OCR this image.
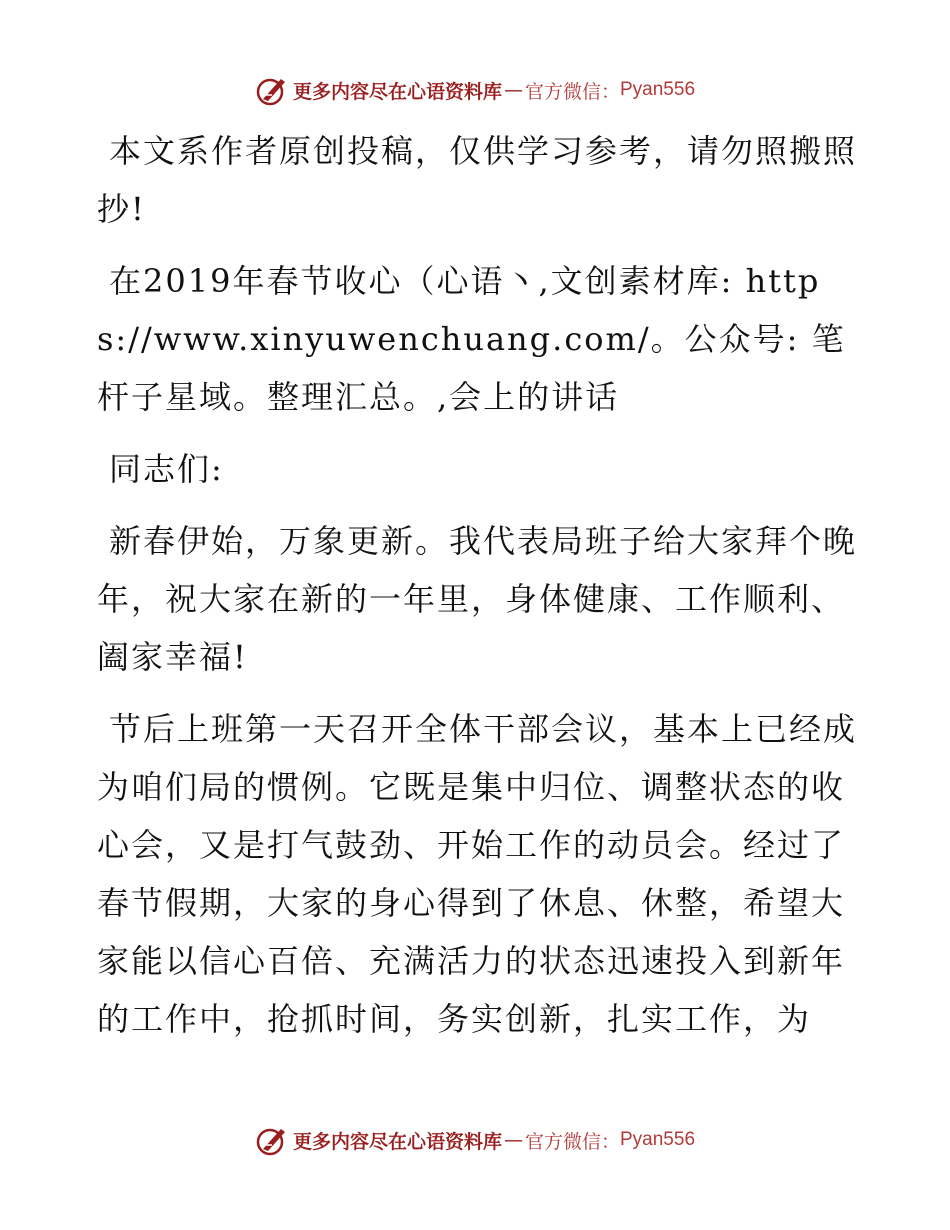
更多内容尽在心语资料库 — 官方微信： Pyan556

本文系作者原创投稿，仅供学习参考，请勿照搬照抄!

在2019年春节收心（心语丶,文创素材库: https://www.xinyuwenchuang.com/。公众号: 笔杆子星域。整理汇总。,会上的讲话

同志们:

新春伊始，万象更新。我代表局班子给大家拜个晚年，祝大家在新的一年里，身体健康、工作顺利、阖家幸福!

节后上班第一天召开全体干部会议，基本上已经成为咱们局的惯例。它既是集中归位、调整状态的收心会，又是打气鼓劲、开始工作的动员会。经过了春节假期，大家的身心得到了休息、休整，希望大家能以信心百倍、充满活力的状态迅速投入到新年的工作中，抢抓时间，务实创新，扎实工作，为

更多内容尽在心语资料库 — 官方微信： Pyan556
